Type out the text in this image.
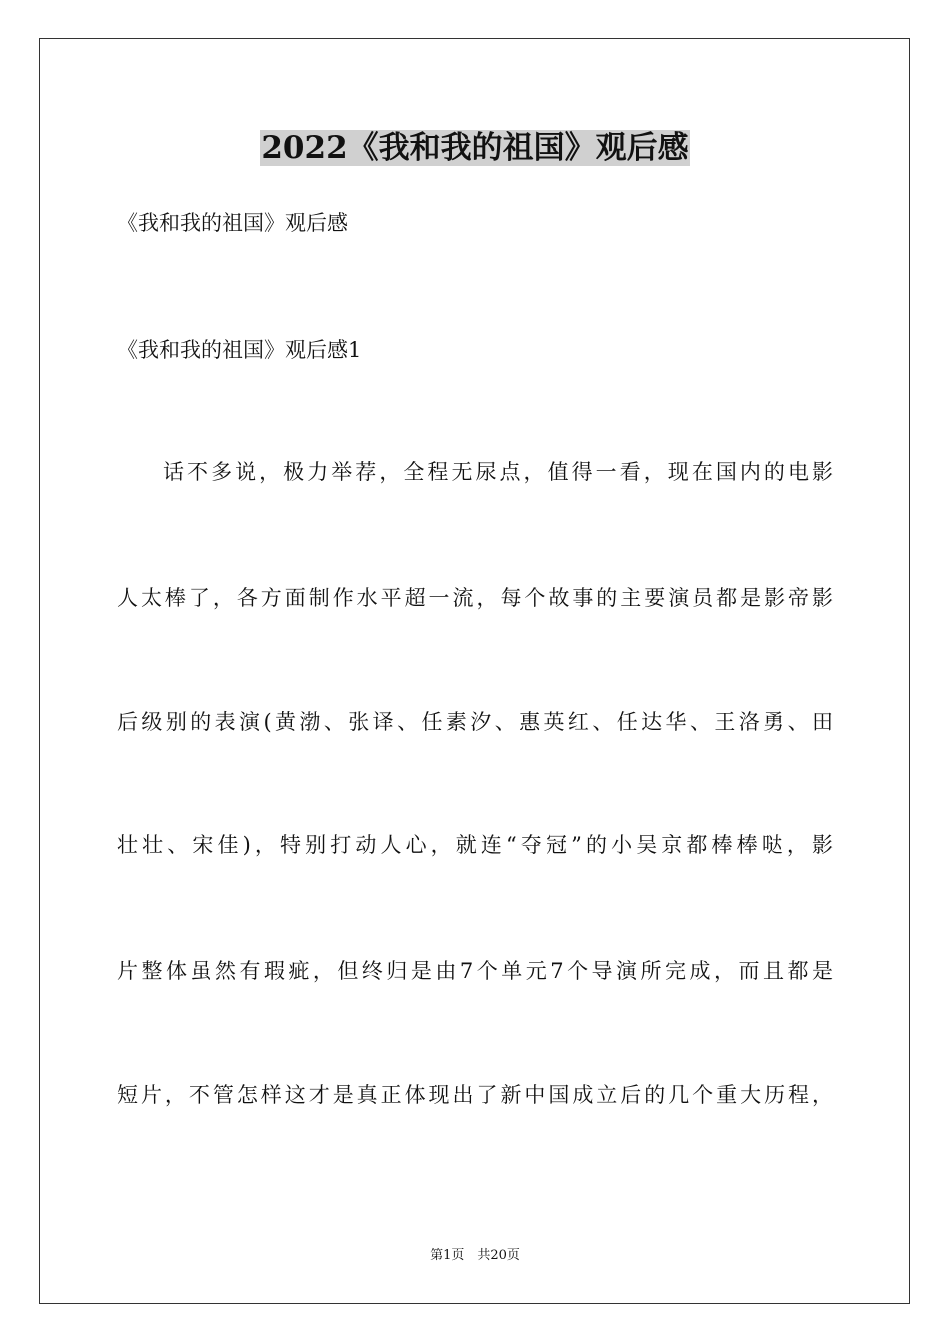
2022《我和我的祖国》观后感

《我和我的祖国》观后感

《我和我的祖国》观后感1

话不多说，极力举荐，全程无尿点，值得一看，现在国内的电影

人太棒了，各方面制作水平超一流，每个故事的主要演员都是影帝影

后级别的表演(黄渤、张译、任素汐、惠英红、任达华、王洛勇、田

壮壮、宋佳)，特别打动人心，就连“夺冠”的小吴京都棒棒哒，影

片整体虽然有瑕疵，但终归是由7个单元7个导演所完成，而且都是

短片，不管怎样这才是真正体现出了新中国成立后的几个重大历程，

第1页　共20页
